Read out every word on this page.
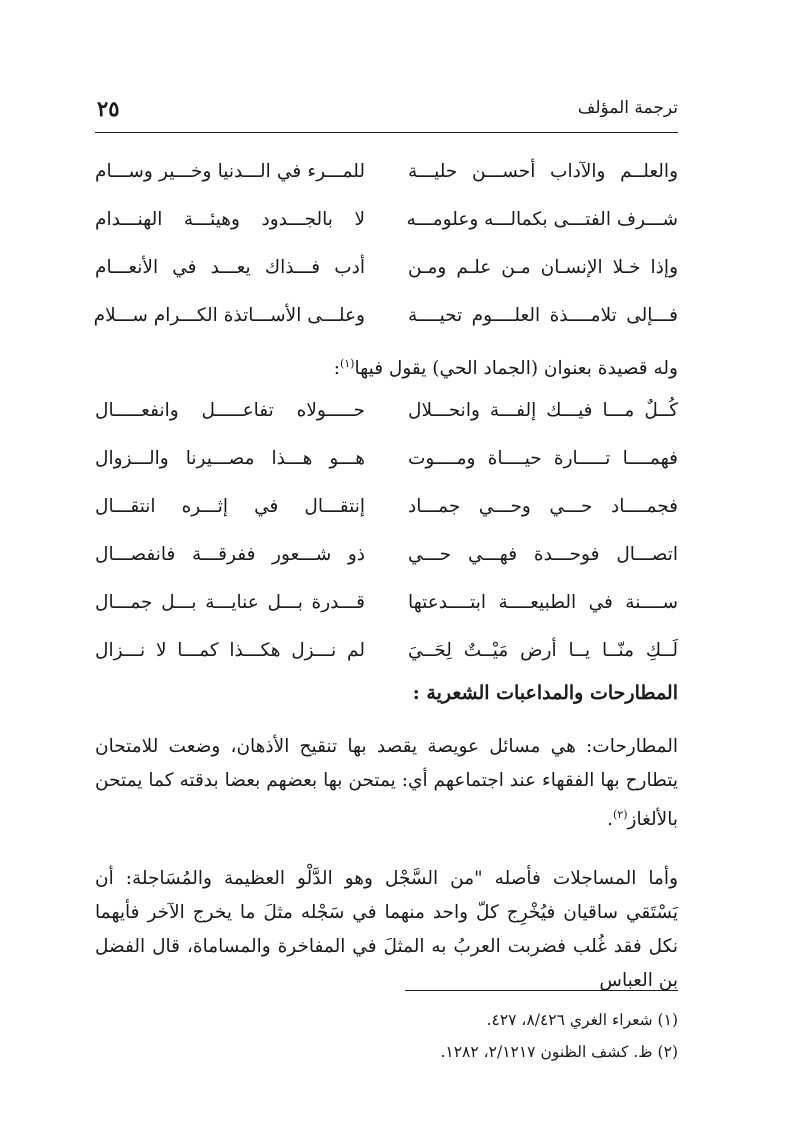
٢٥	ترجمة المؤلف
والعلــم والآداب أحســـن حليـــة
للمـــرء في الـــدنيا وخـــير وســـام
شـــرف الفتـــى بكمالـــه وعلومـــه
لا بالجـــدود وهيئـــة الهنـــدام
وإذا خـلا الإنسـان مـن علـم ومـن
أدب فـــذاك يعـــد في الأنعـــام
فـــإلى تلامــــذة العلــــوم تحيــــة
وعلـــى الأســـاتذة الكـــرام ســـلام
وله قصيدة بعنوان (الجماد الحي) يقول فيها$^{(١)}$:
كُــلٌ مـــا فيـــك إلفـــة وانحـــلال
حـــــولاه تفاعـــــل وانفعـــــال
فهمــــا تـــــارة حيــــاة ومــــوت
هـــو هـــذا مصـــيرنا والـــزوال
فجمــــاد حـــي وحـــي جمـــاد
إنتقـــال في إثـــره انتقـــال
اتصـــال فوحـــدة فهـــي حـــي
ذو شـــعور ففرقـــة فانفصـــال
ســــنة في الطبيعــــة ابتــــدعتها
قـــدرة بـــل عنايـــة بـــل جمـــال
لَــكِ منّــا يــا أرض مَيْــتٌ لِحَــيَ
لم نـــزل هكـــذا كمـــا لا نـــزال
المطارحات والمداعبات الشعرية :
المطارحات: هي مسائل عويصة يقصد بها تنقيح الأذهان، وضعت للامتحان يتطارح بها الفقهاء عند اجتماعهم أي: يمتحن بها بعضهم بعضا بدقته كما يمتحن بالألغاز$^{(٢)}$.
وأما المساجلات فأصله "من السَّجْل وهو الدَّلْو العظيمة والمُسَاجلة: أن يَسْتَقي ساقيان فيُخْرِج كلّ واحد منهما في سَجْله مثلَ ما يخرج الآخر فأيهما نكل فقد غُلب فضربت العربُ به المثلَ في المفاخرة والمساماة، قال الفضل بن العباس
(١) شعراء الغري ٨/٤٢٦، ٤٢٧.
(٢) ظ. كشف الظنون ٢/١٢١٧، ١٢٨٢.
